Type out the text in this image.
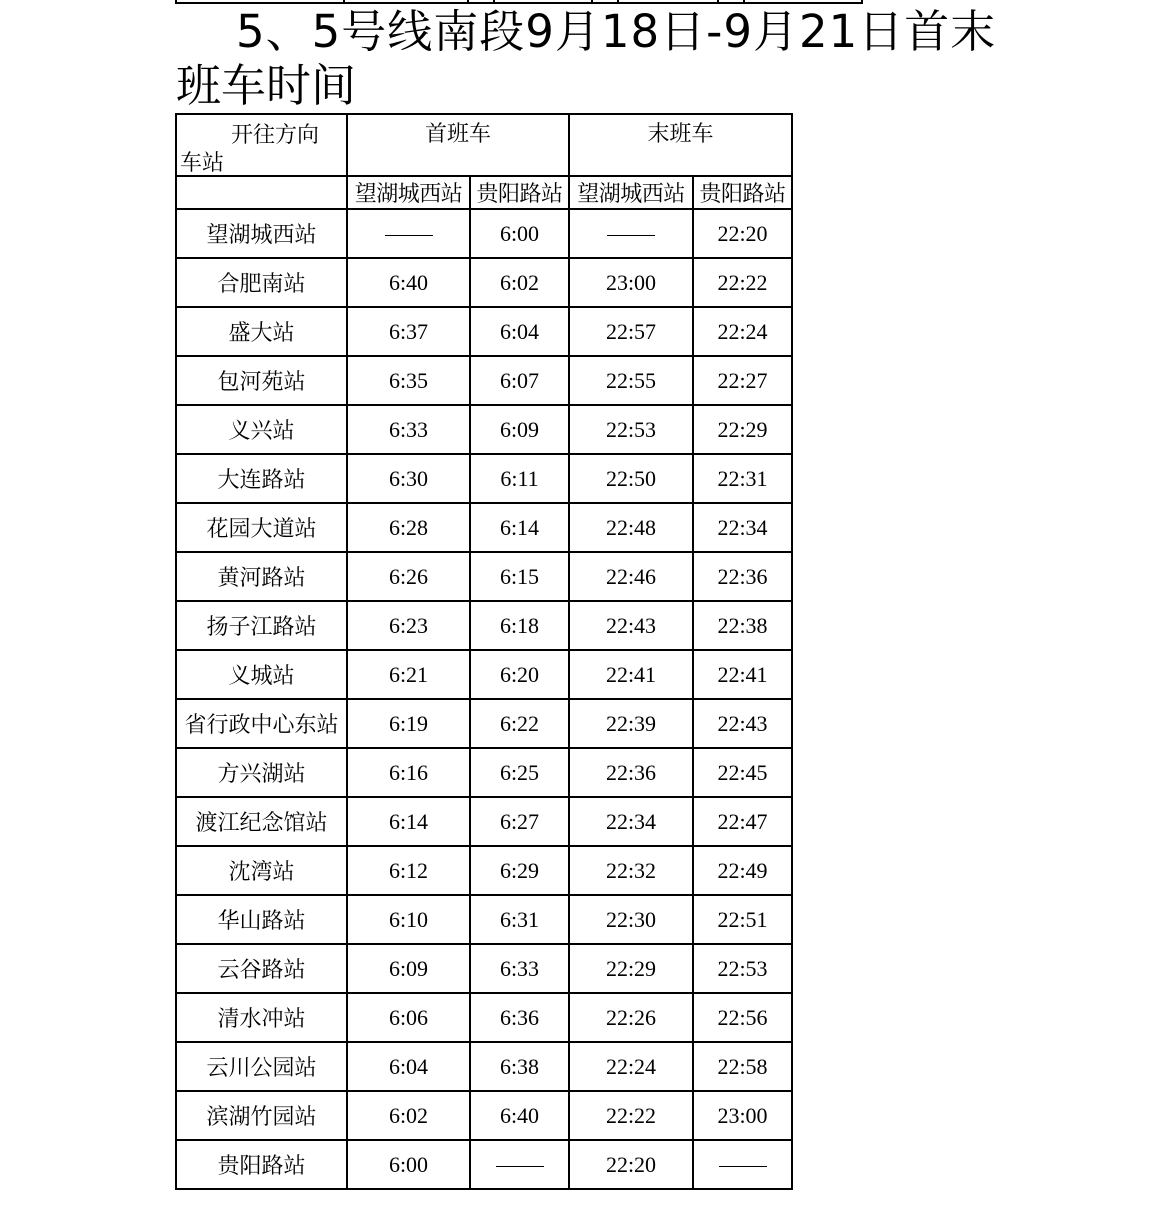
5、5号线南段9月18日-9月21日首末
班车时间
开往方向
车站	首班车		末班车	

	望湖城西站	贵阳路站	望湖城西站	贵阳路站
望湖城西站		6:00		22:20
合肥南站	6:40	6:02	23:00	22:22
盛大站	6:37	6:04	22:57	22:24
包河苑站	6:35	6:07	22:55	22:27
义兴站	6:33	6:09	22:53	22:29
大连路站	6:30	6:11	22:50	22:31
花园大道站	6:28	6:14	22:48	22:34
黄河路站	6:26	6:15	22:46	22:36
扬子江路站	6:23	6:18	22:43	22:38
义城站	6:21	6:20	22:41	22:41
省行政中心东站	6:19	6:22	22:39	22:43
方兴湖站	6:16	6:25	22:36	22:45
渡江纪念馆站	6:14	6:27	22:34	22:47
沈湾站	6:12	6:29	22:32	22:49
华山路站	6:10	6:31	22:30	22:51
云谷路站	6:09	6:33	22:29	22:53
清水冲站	6:06	6:36	22:26	22:56
云川公园站	6:04	6:38	22:24	22:58
滨湖竹园站	6:02	6:40	22:22	23:00
贵阳路站	6:00		22:20	
